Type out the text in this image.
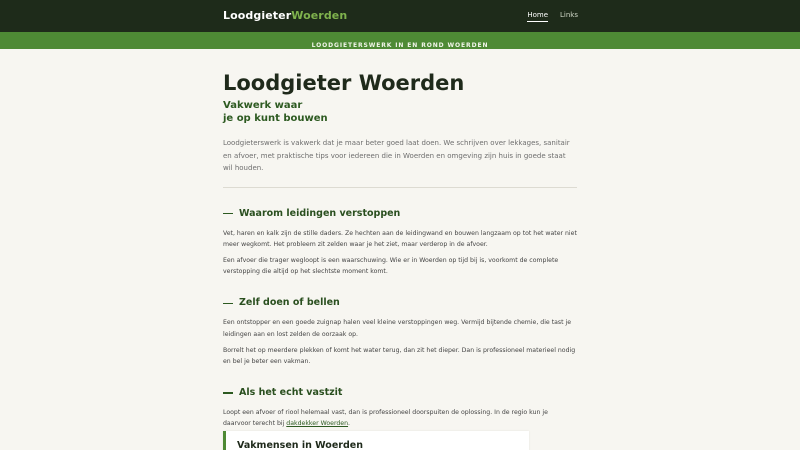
LoodgieterWoerden	Home Links
LOODGIETERSWERK IN EN ROND WOERDEN
Loodgieter Woerden
Vakwerk waar
je op kunt bouwen

Loodgieterswerk is vakwerk dat je maar beter goed laat doen. We schrijven over lekkages, sanitair en afvoer, met praktische tips voor iedereen die in Woerden en omgeving zijn huis in goede staat wil houden.

Waarom leidingen verstoppen

Vet, haren en kalk zijn de stille daders. Ze hechten aan de leidingwand en bouwen langzaam op tot het water niet meer wegkomt. Het probleem zit zelden waar je het ziet, maar verderop in de afvoer.

Een afvoer die trager wegloopt is een waarschuwing. Wie er in Woerden op tijd bij is, voorkomt de complete verstopping die altijd op het slechtste moment komt.

Zelf doen of bellen

Een ontstopper en een goede zuignap halen veel kleine verstoppingen weg. Vermijd bijtende chemie, die tast je leidingen aan en lost zelden de oorzaak op.

Borrelt het op meerdere plekken of komt het water terug, dan zit het dieper. Dan is professioneel materieel nodig en bel je beter een vakman.

Als het echt vastzit

Loopt een afvoer of riool helemaal vast, dan is professioneel doorspuiten de oplossing. In de regio kun je daarvoor terecht bij dakdekker Woerden.

Vakmensen in Woerden
